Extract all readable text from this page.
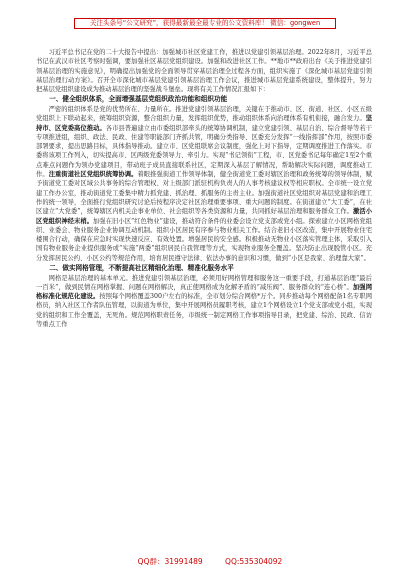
关注头条号“公文研究”，获得最新最全最专业的公文资料库！ 微信：gongwen

习近平总书记在党的二十大报告中提出：加强城市社区党建工作，推进以党建引领基层治理。2022年8月，习近平总书记在武汉市社区考察时强调，要加强社区基层党组织建设。加强和改进社区工作。**地市**政府出台《关于推进党建引领基层治理的实施意见》，明确提出加强党的全面领导贯穿基层治理全过程各方面，组织实施了《深化城市基层党建引领基层治理行动方案》。召开全市深化城市基层党建引领基层治理工作会议，推进城市基层党建系统建设，整体提升，努力把基层党组织建设成为推动基层治理的坚强战斗堡垒。现将有关工作情况汇报如下：

一、健全组织体系，全面增强基层党组织政治功能和组织功能

严密的组织体系是党的优势所在、力量所在。推进党建引领基层治理，关键在于推动市、区、街道、社区、小区五级党组织上下联动起来，统筹组织资源，整合组织力量，发挥组织优势，推动组织体系向治理体系有机衔接，融合发力。坚持市、区党委高位推动。各市县普遍建立由市委组织部牵头的统筹协调机制，建立党建引领、基层自治、综合督导等若干专项推进组，组织、政法、民政、住建等职能部门齐抓共管，明确分类指导、区委充分发挥“一线指挥部”作用，按照市委部署要求，提出思路目标，具体指导推动。建立市、区党组联席会议制度，强化上对下指导，定期调度推进工作落实。市委将该项工作列入，切实提高市、区两级党委领导力、牵引力。实现“书记领衔”工程，市、区党委书记每年确定1至2个重点难点问题作为领办党建项目，带动班子成员直接联系社区，定期深入基层了解情况，帮助解决实际问题，调度推动工作。注重街道社区党组织统筹协调。着眼推强街道工作领导体制，健全街道党工委对辖区治理和政务统筹的领导体制，赋予街道党工委对区域公共事务的综合管理权、对上级部门派驻机构负责人的人事考核建议权等相应职权。全市统一设立党建工作办公室，推动街道党工委集中精力抓党建、抓治理、抓服务的主责主业。加强街道社区党组织对基层党建和治理工作的统一领导，全面推行党组织研究讨论后按程序决定社区治理重要事项、重大问题的制度。在街道建立“大工委”，在社区建立“大党委”，统筹辖区内机关企事业单位、社会组织等各类资源和力量，共同抓好基层治理和服务群众工作。激活小区党组织神经末梢。加强在旧小区“红色物业”建设，推动符合条件的业委会设立党支部或党小组。探索建立小区网格党组织、业委会、物业服务企业协调互动机制。组织小区居民有序参与物业相关工作。结合老旧小区改造，集中开展物业住宅楼围合行动，确保在应急时实现快速反应、有效处置。增强居民的安全感。积极推动无物业小区落实管理主体，采取引入国有物业服务企业提供服务或“实施“两委”组织居民自我管理等方式，实现物业服务全覆盖。坚决防止出现脱管小区。充分发挥居民公约、小区公约等规范作用，培育居民遵守法律、依法办事的意识和习惯，做到“小区是我家、治理靠大家”。

二、做实网格管理，不断提高社区精细化治理、精准化服务水平

网格是基层治理的基本单元。推进党建引领基层治理，必须用好网格管理和服务这一重要手段，打通基层治理“最后一百米”，做到民情在网格掌握、问题在网格解决，真正使网格成为化解矛盾的“减压阀”、服务群众的“连心桥”。加强网格标准化规范化建设。按照每个网格覆盖300户左右的标准，全市划分综合网格*万个。同步推动每个网格配备1名专职网格员，纳入社区工作者队伍管理，以街道为单位，集中开展网格员履职考核，建立1个网格设立1个党支部或党小组，实现党的组织和工作全覆盖，无死角。规范网格职责任务，市级统一制定网格工作事项指导目录，把党建、综治、民政、信访等重点工作

QQ群：31991489	QQ:535304092
